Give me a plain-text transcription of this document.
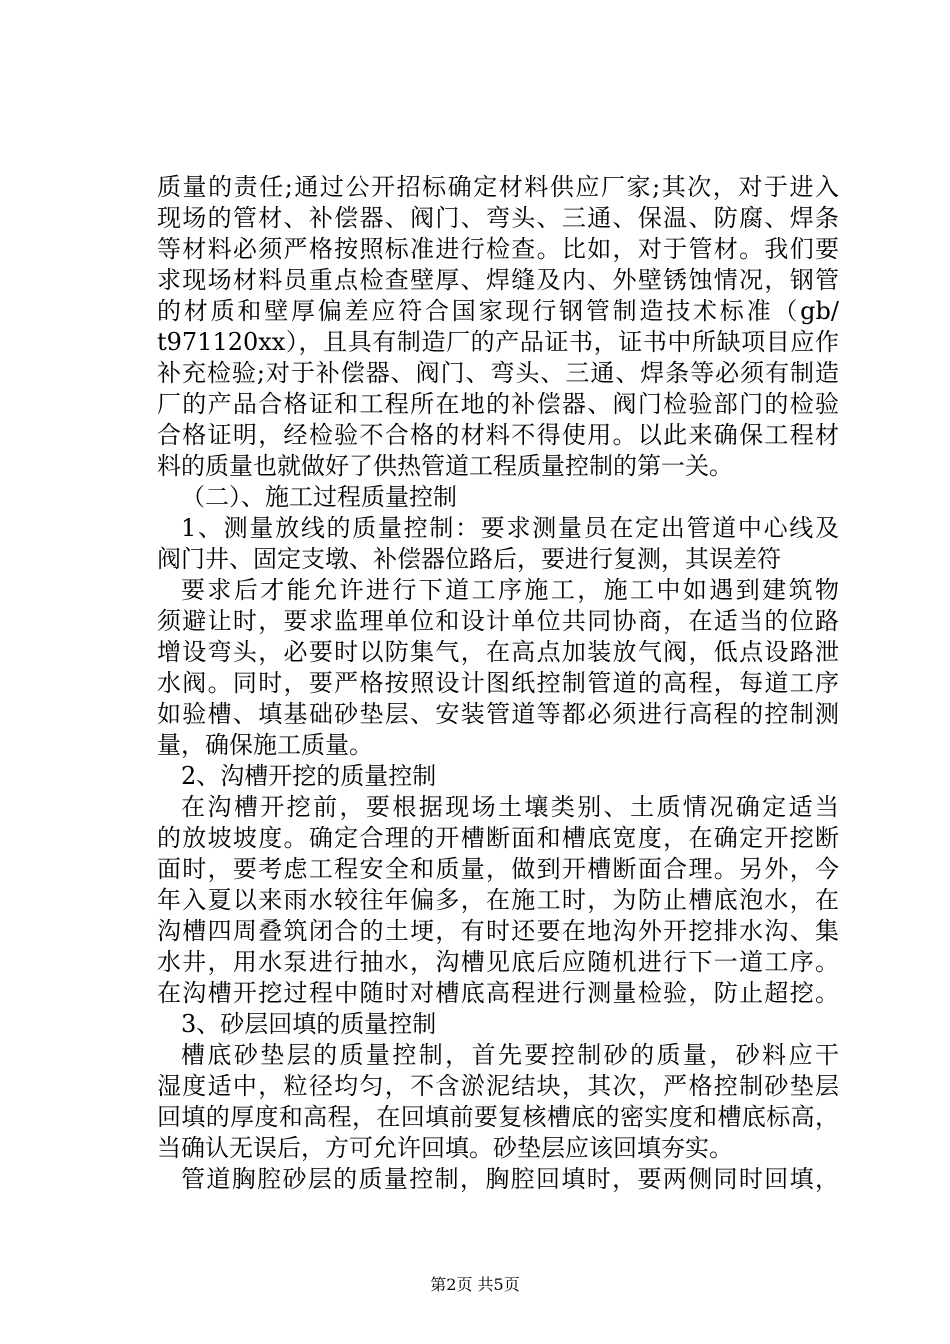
质量的责任;通过公开招标确定材料供应厂家;其次，对于进入
现场的管材、补偿器、阀门、弯头、三通、保温、防腐、焊条
等材料必须严格按照标准进行检查。比如，对于管材。我们要
求现场材料员重点检查壁厚、焊缝及内、外壁锈蚀情况，钢管
的材质和壁厚偏差应符合国家现行钢管制造技术标准（gb/
t971120xx），且具有制造厂的产品证书，证书中所缺项目应作
补充检验;对于补偿器、阀门、弯头、三通、焊条等必须有制造
厂的产品合格证和工程所在地的补偿器、阀门检验部门的检验
合格证明，经检验不合格的材料不得使用。以此来确保工程材
料的质量也就做好了供热管道工程质量控制的第一关。
（二）、施工过程质量控制
1、测量放线的质量控制：要求测量员在定出管道中心线及
阀门井、固定支墩、补偿器位路后，要进行复测，其误差符
要求后才能允许进行下道工序施工，施工中如遇到建筑物
须避让时，要求监理单位和设计单位共同协商，在适当的位路
增设弯头，必要时以防集气，在高点加装放气阀，低点设路泄
水阀。同时，要严格按照设计图纸控制管道的高程，每道工序
如验槽、填基础砂垫层、安装管道等都必须进行高程的控制测
量，确保施工质量。
2、沟槽开挖的质量控制
在沟槽开挖前，要根据现场土壤类别、土质情况确定适当
的放坡坡度。确定合理的开槽断面和槽底宽度，在确定开挖断
面时，要考虑工程安全和质量，做到开槽断面合理。另外，今
年入夏以来雨水较往年偏多，在施工时，为防止槽底泡水，在
沟槽四周叠筑闭合的土埂，有时还要在地沟外开挖排水沟、集
水井，用水泵进行抽水，沟槽见底后应随机进行下一道工序。
在沟槽开挖过程中随时对槽底高程进行测量检验，防止超挖。
3、砂层回填的质量控制
槽底砂垫层的质量控制，首先要控制砂的质量，砂料应干
湿度适中，粒径均匀，不含淤泥结块，其次，严格控制砂垫层
回填的厚度和高程，在回填前要复核槽底的密实度和槽底标高，
当确认无误后，方可允许回填。砂垫层应该回填夯实。
管道胸腔砂层的质量控制，胸腔回填时，要两侧同时回填，
第2页 共5页
